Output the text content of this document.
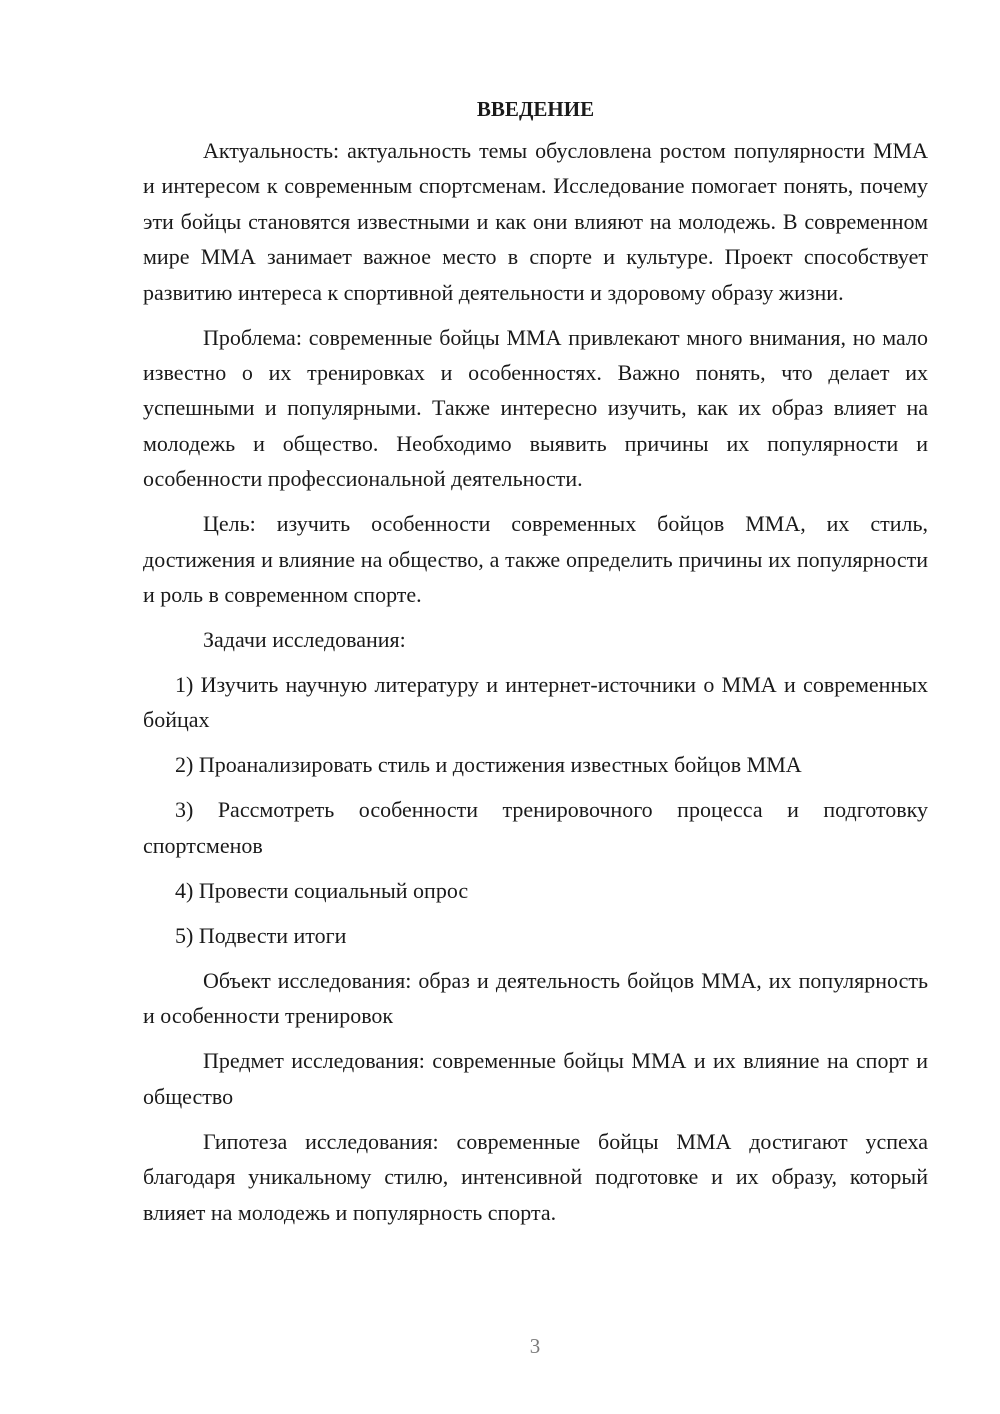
ВВЕДЕНИЕ

Актуальность: актуальность темы обусловлена ростом популярности ММА и интересом к современным спортсменам. Исследование помогает понять, почему эти бойцы становятся известными и как они влияют на молодежь. В современном мире ММА занимает важное место в спорте и культуре. Проект способствует развитию интереса к спортивной деятельности и здоровому образу жизни.

Проблема: современные бойцы ММА привлекают много внимания, но мало известно о их тренировках и особенностях. Важно понять, что делает их успешными и популярными. Также интересно изучить, как их образ влияет на молодежь и общество. Необходимо выявить причины их популярности и особенности профессиональной деятельности.

Цель: изучить особенности современных бойцов ММА, их стиль, достижения и влияние на общество, а также определить причины их популярности и роль в современном спорте.

Задачи исследования:

1) Изучить научную литературу и интернет-источники о ММА и современных бойцах

2) Проанализировать стиль и достижения известных бойцов ММА

3) Рассмотреть особенности тренировочного процесса и подготовку спортсменов

4) Провести социальный опрос

5) Подвести итоги

Объект исследования: образ и деятельность бойцов ММА, их популярность и особенности тренировок

Предмет исследования: современные бойцы ММА и их влияние на спорт и общество

Гипотеза исследования: современные бойцы ММА достигают успеха благодаря уникальному стилю, интенсивной подготовке и их образу, который влияет на молодежь и популярность спорта.

3
